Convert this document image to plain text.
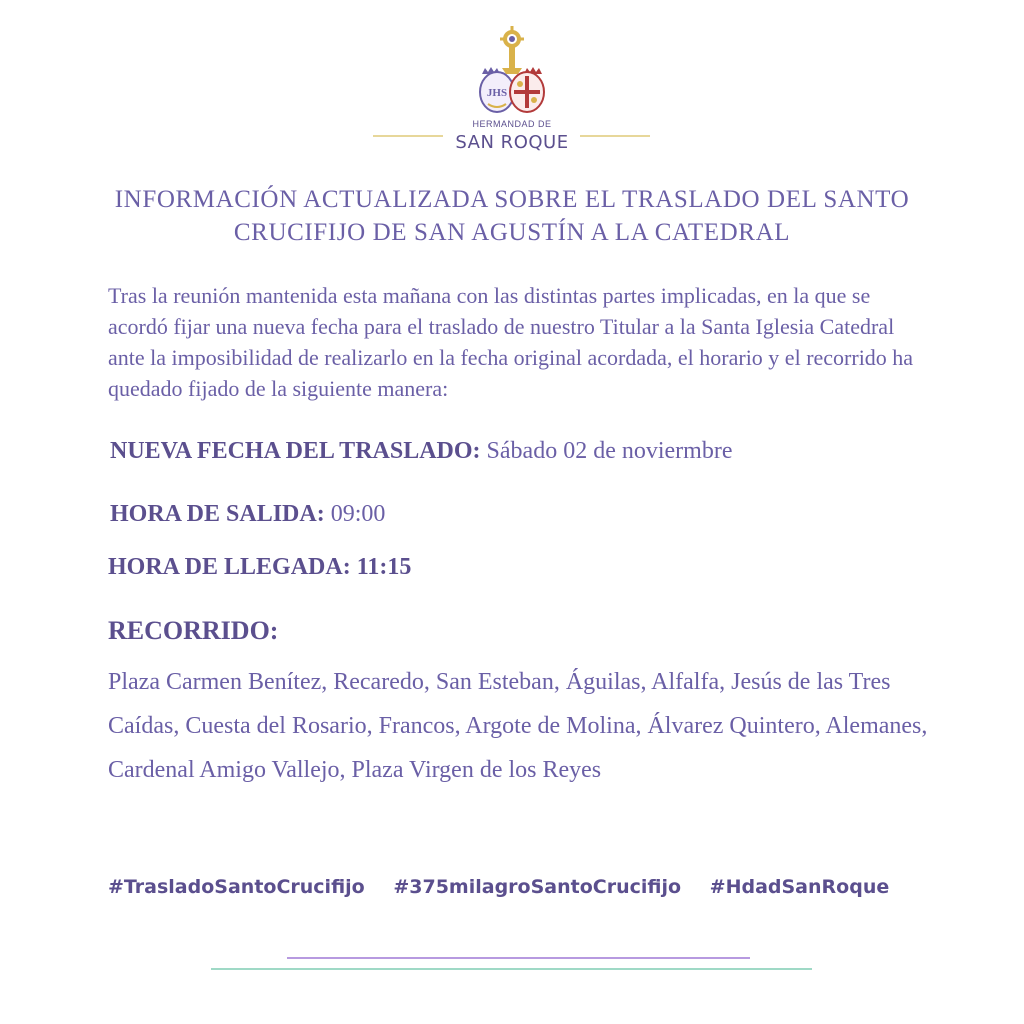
JHS
HERMANDAD DE
SAN ROQUE
INFORMACIÓN ACTUALIZADA SOBRE EL TRASLADO DEL SANTO
CRUCIFIJO DE SAN AGUSTÍN A LA CATEDRAL
Tras la reunión mantenida esta mañana con las distintas partes implicadas, en la que se acordó fijar una nueva fecha para el traslado de nuestro Titular a la Santa Iglesia Catedral ante la imposibilidad de realizarlo en la fecha original acordada, el horario y el recorrido ha quedado fijado de la siguiente manera:
NUEVA FECHA DEL TRASLADO: Sábado 02 de noviermbre
HORA DE SALIDA: 09:00
HORA DE LLEGADA: 11:15
RECORRIDO:
Plaza Carmen Benítez, Recaredo, San Esteban, Águilas, Alfalfa, Jesús de las Tres Caídas, Cuesta del Rosario, Francos, Argote de Molina, Álvarez Quintero, Alemanes, Cardenal Amigo Vallejo, Plaza Virgen de los Reyes
#TrasladoSantoCrucifijo #375milagroSantoCrucifijo #HdadSanRoque
